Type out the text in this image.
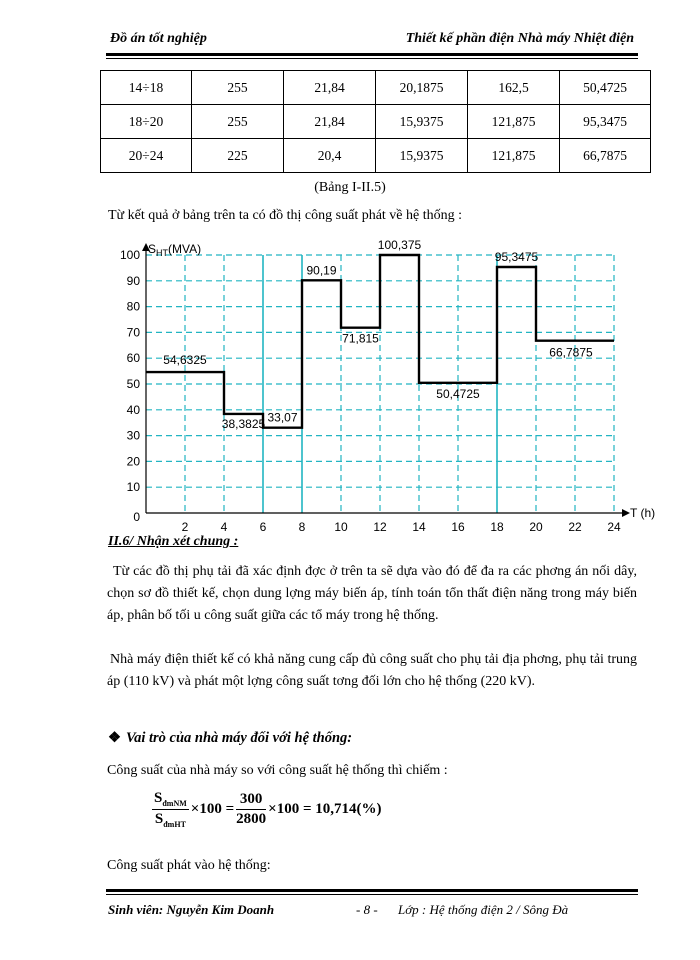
Đồ án tốt nghiệp	Thiết kế phần điện Nhà máy Nhiệt điện
14÷18	255	21,84	20,1875	162,5	50,4725
18÷20	255	21,84	15,9375	121,875	95,3475
20÷24	225	20,4	15,9375	121,875	66,7875
(Bảng I-II.5)
Từ kết quả ở bảng trên ta có đồ thị công suất phát về hệ thống :
0
10
20
30
40
50
60
70
80
90
100
2	4	6	8 10 12 14 16 18 20 22 24
$S_{HT}(MVA)$
T (h)
54,6325
38,3825 33,07
90,19
71,815
100,375
50,4725
95,3475
66,7875
II.6/ Nhận xét chung :
Từ các đồ thị phụ tải đã xác định đợc ở trên ta sẽ dựa vào đó để đa ra các phơng án nối dây, chọn sơ đồ thiết kế, chọn dung lợng máy biến áp, tính toán tổn thất điện năng trong máy biến áp, phân bố tối u công suất giữa các tổ máy trong hệ thống.
Nhà máy điện thiết kế có khả năng cung cấp đủ công suất cho phụ tải địa phơng, phụ tải trung áp (110 kV) và phát một lợng công suất tơng đối lớn cho hệ thống (220 kV).
❖ Vai trò của nhà máy đối với hệ thống:
Công suất của nhà máy so với công suất hệ thống thì chiếm :
$\frac{S_{đmNM}}{S_{đmHT}} \times 100 = \frac{300}{2800} \times 100 = 10,714(\%)$
Công suất phát vào hệ thống:
Sinh viên: Nguyễn Kim Doanh	- 8 - Lớp : Hệ thống điện 2 / Sông Đà
